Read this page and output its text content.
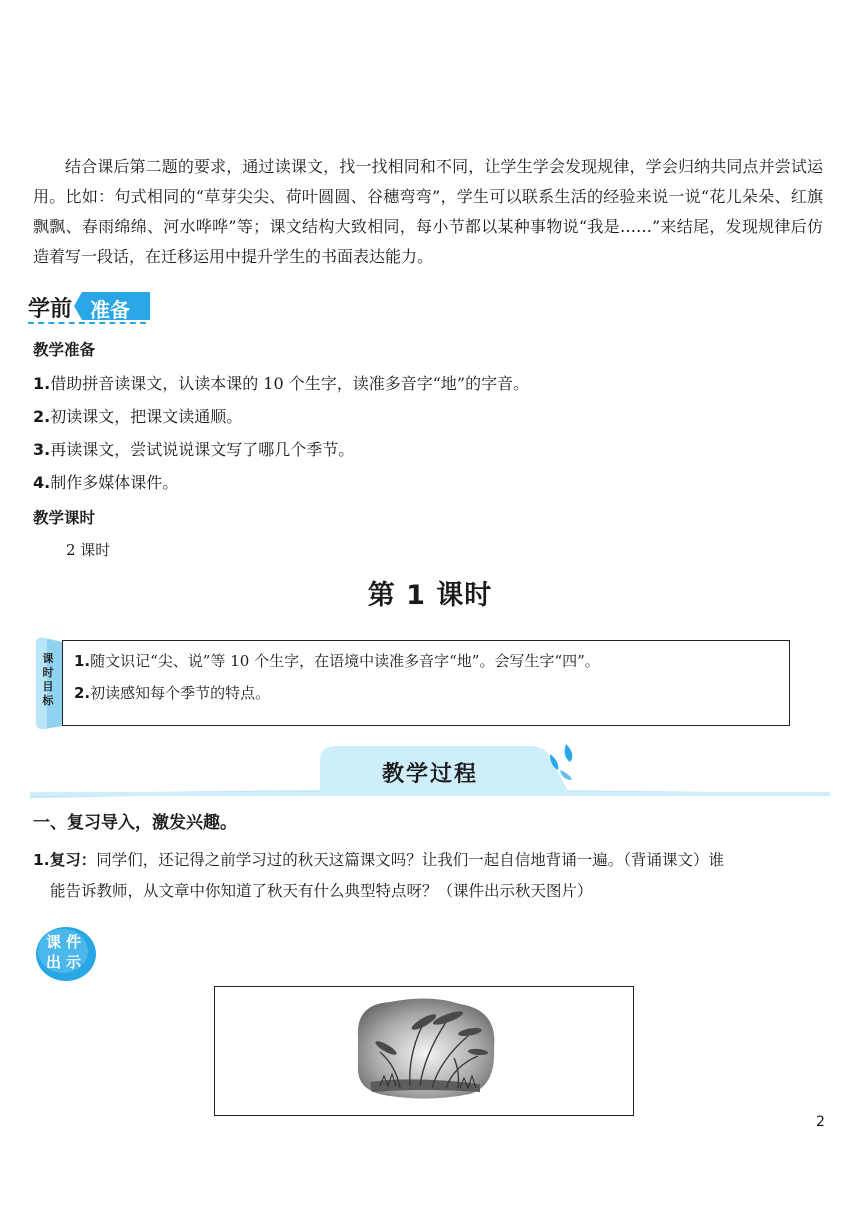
结合课后第二题的要求，通过读课文，找一找相同和不同，让学生学会发现规律，学会归纳共同点并尝试运用。比如：句式相同的“草芽尖尖、荷叶圆圆、谷穗弯弯”，学生可以联系生活的经验来说一说“花儿朵朵、红旗飘飘、春雨绵绵、河水哗哗”等；课文结构大致相同，每小节都以某种事物说“我是……”来结尾，发现规律后仿造着写一段话，在迁移运用中提升学生的书面表达能力。
学前 准备
教学准备
1.借助拼音读课文，认读本课的 10 个生字，读准多音字“地”的字音。
2.初读课文，把课文读通顺。
3.再读课文，尝试说说课文写了哪几个季节。
4.制作多媒体课件。
教学课时
2 课时
第 1 课时
课
时
目
标
1.随文识记“尖、说”等 10 个生字，在语境中读准多音字“地”。会写生字“四”。
2.初读感知每个季节的特点。
教学过程
一、复习导入，激发兴趣。
1.复习：同学们，还记得之前学习过的秋天这篇课文吗？让我们一起自信地背诵一遍。（背诵课文）谁
能告诉教师，从文章中你知道了秋天有什么典型特点呀？（课件出示秋天图片）
课件
出示
2
